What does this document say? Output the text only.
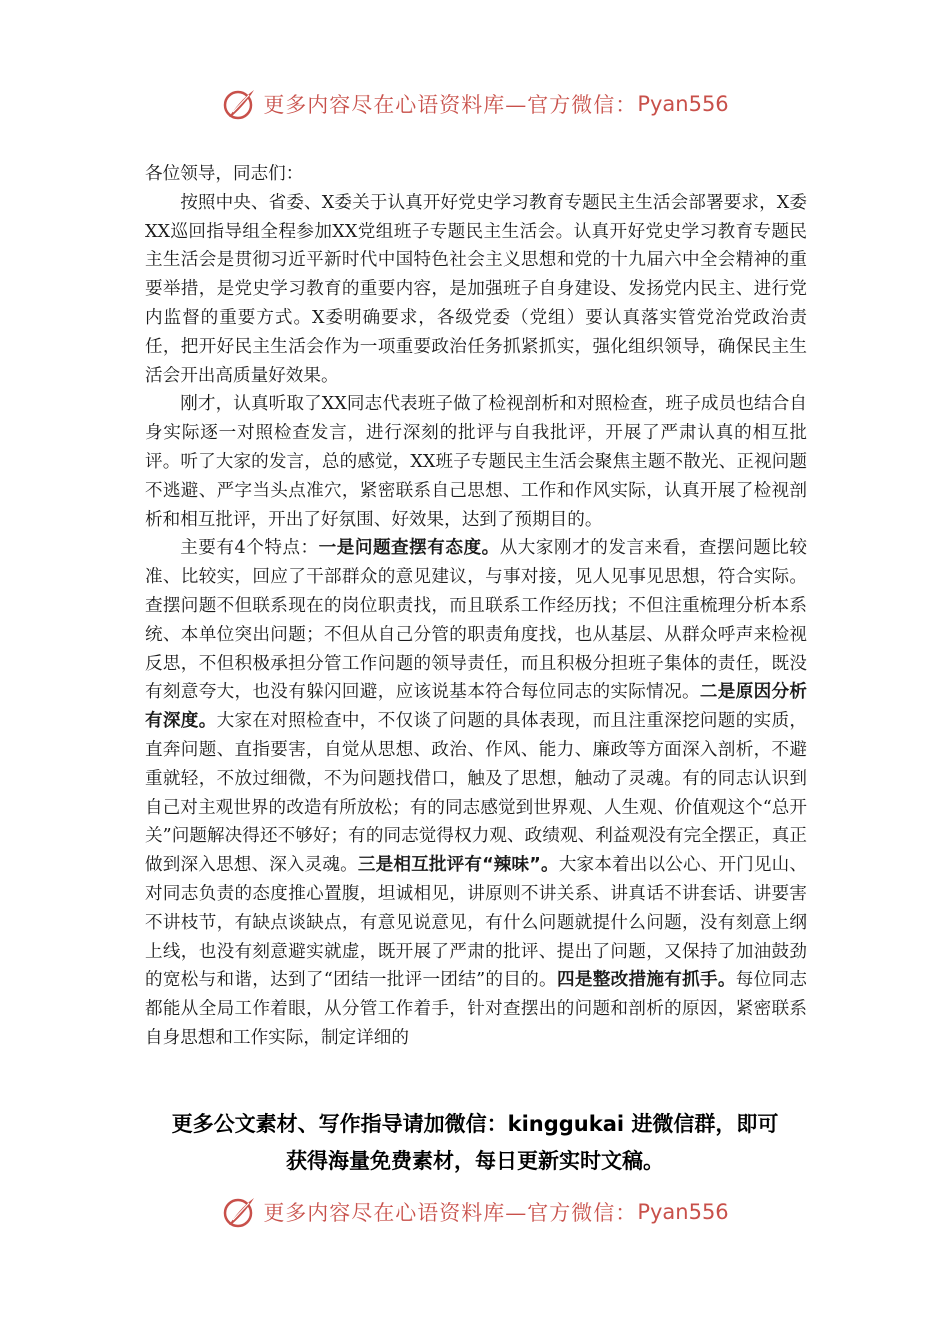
更多内容尽在心语资料库—官方微信： Pyan556

各位领导，同志们：

按照中央、省委、X委关于认真开好党史学习教育专题民主生活会部署要求，X委XX巡回指导组全程参加XX党组班子专题民主生活会。认真开好党史学习教育专题民主生活会是贯彻习近平新时代中国特色社会主义思想和党的十九届六中全会精神的重要举措，是党史学习教育的重要内容，是加强班子自身建设、发扬党内民主、进行党内监督的重要方式。X委明确要求，各级党委（党组）要认真落实管党治党政治责任，把开好民主生活会作为一项重要政治任务抓紧抓实，强化组织领导，确保民主生活会开出高质量好效果。

刚才，认真听取了XX同志代表班子做了检视剖析和对照检查，班子成员也结合自身实际逐一对照检查发言，进行深刻的批评与自我批评，开展了严肃认真的相互批评。听了大家的发言，总的感觉，XX班子专题民主生活会聚焦主题不散光、正视问题不逃避、严字当头点准穴，紧密联系自己思想、工作和作风实际，认真开展了检视剖析和相互批评，开出了好氛围、好效果，达到了预期目的。

主要有4个特点：一是问题查摆有态度。从大家刚才的发言来看，查摆问题比较准、比较实，回应了干部群众的意见建议，与事对接，见人见事见思想，符合实际。查摆问题不但联系现在的岗位职责找，而且联系工作经历找；不但注重梳理分析本系统、本单位突出问题；不但从自己分管的职责角度找，也从基层、从群众呼声来检视反思，不但积极承担分管工作问题的领导责任，而且积极分担班子集体的责任，既没有刻意夸大，也没有躲闪回避，应该说基本符合每位同志的实际情况。二是原因分析有深度。大家在对照检查中，不仅谈了问题的具体表现，而且注重深挖问题的实质，直奔问题、直指要害，自觉从思想、政治、作风、能力、廉政等方面深入剖析，不避重就轻，不放过细微，不为问题找借口，触及了思想，触动了灵魂。有的同志认识到自己对主观世界的改造有所放松；有的同志感觉到世界观、人生观、价值观这个“总开关”问题解决得还不够好；有的同志觉得权力观、政绩观、利益观没有完全摆正，真正做到深入思想、深入灵魂。三是相互批评有“辣味”。大家本着出以公心、开门见山、对同志负责的态度推心置腹，坦诚相见，讲原则不讲关系、讲真话不讲套话、讲要害不讲枝节，有缺点谈缺点，有意见说意见，有什么问题就提什么问题，没有刻意上纲上线，也没有刻意避实就虚，既开展了严肃的批评、提出了问题，又保持了加油鼓劲的宽松与和谐，达到了“团结一批评一团结”的目的。四是整改措施有抓手。每位同志都能从全局工作着眼，从分管工作着手，针对查摆出的问题和剖析的原因，紧密联系自身思想和工作实际，制定详细的

更多公文素材、写作指导请加微信：kinggukai 进微信群，即可
获得海量免费素材，每日更新实时文稿。
更多内容尽在心语资料库—官方微信： Pyan556
